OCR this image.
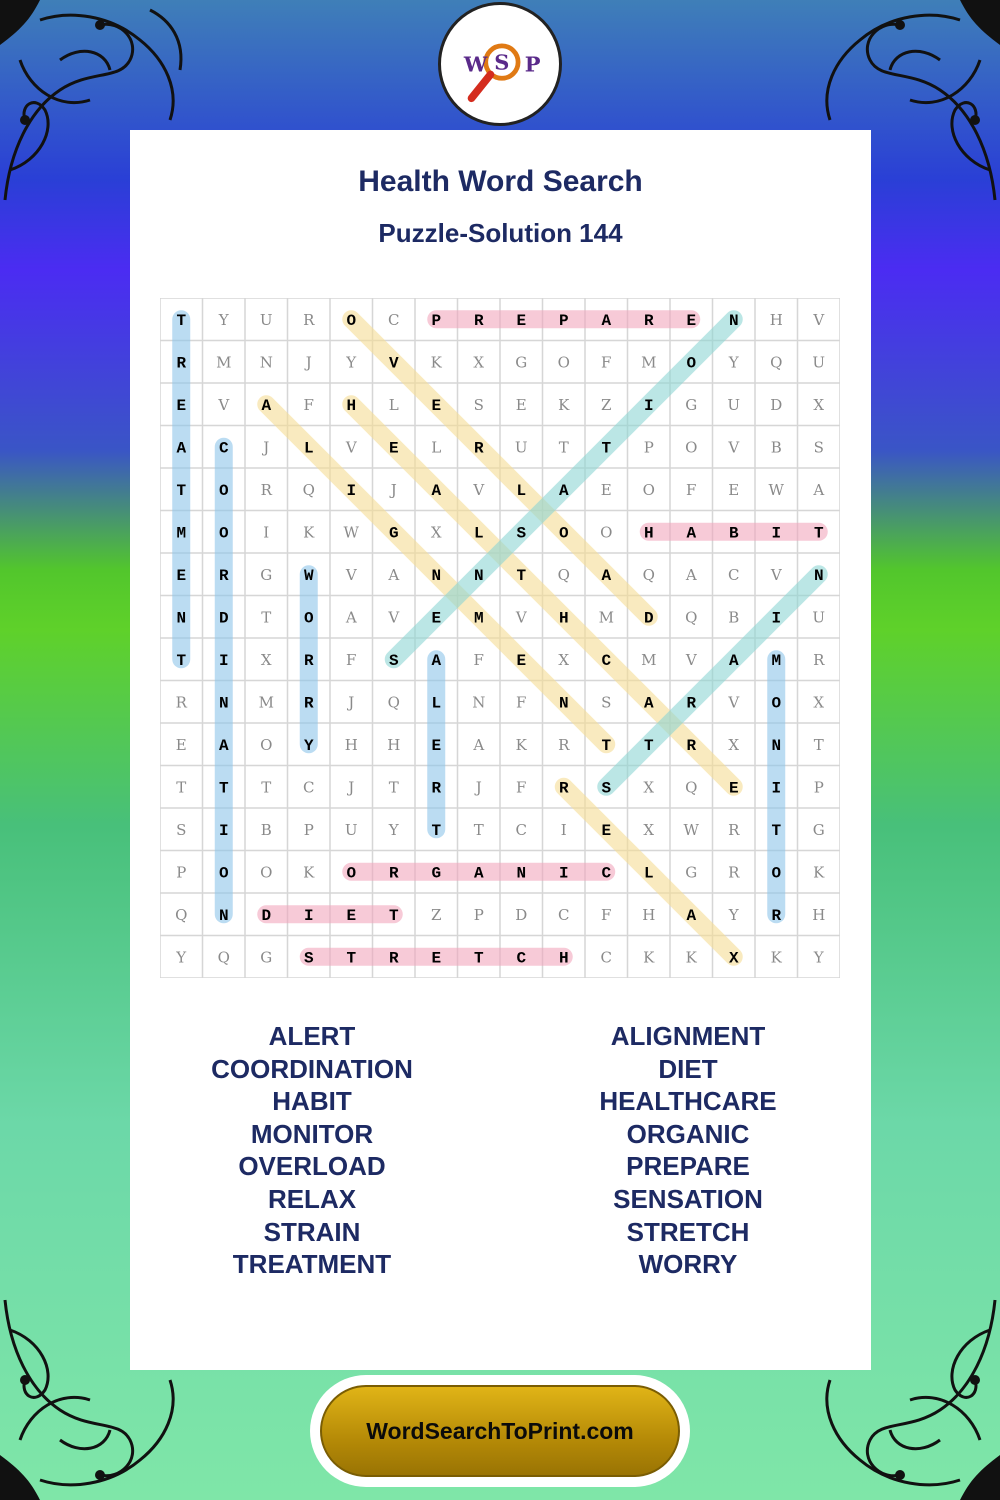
W S P
Health Word Search
Puzzle-Solution 144
T Y U R O C P R E P A R E N H V
R M N J Y V K X G O F M O Y Q U
E V A F H L E S E K Z I G U D X
A C J L V E L R U T T P O V B S
T O R Q I J A V L A E O F E W A
M O I K W G X L S O O H A B I T
E R G W V A N N T Q A Q A C V N
N D T O A V E M V H M D Q B I U
T I X R F S A F E X C M V A M R
R N M R J Q L N F N S A R V O X
E A O Y H H E A K R T T R X N T
T T T C J T R J F R S X Q E I P
S I B P U Y T T C I E X W R T G
P O O K O R G A N I C L G R O K
Q N D I E T Z P D C F H A Y R H
Y Q G S T R E T C H C K K X K Y
ALERT
COORDINATION
HABIT
MONITOR
OVERLOAD
RELAX
STRAIN
TREATMENT
ALIGNMENT
DIET
HEALTHCARE
ORGANIC
PREPARE
SENSATION
STRETCH
WORRY
WordSearchToPrint.com
